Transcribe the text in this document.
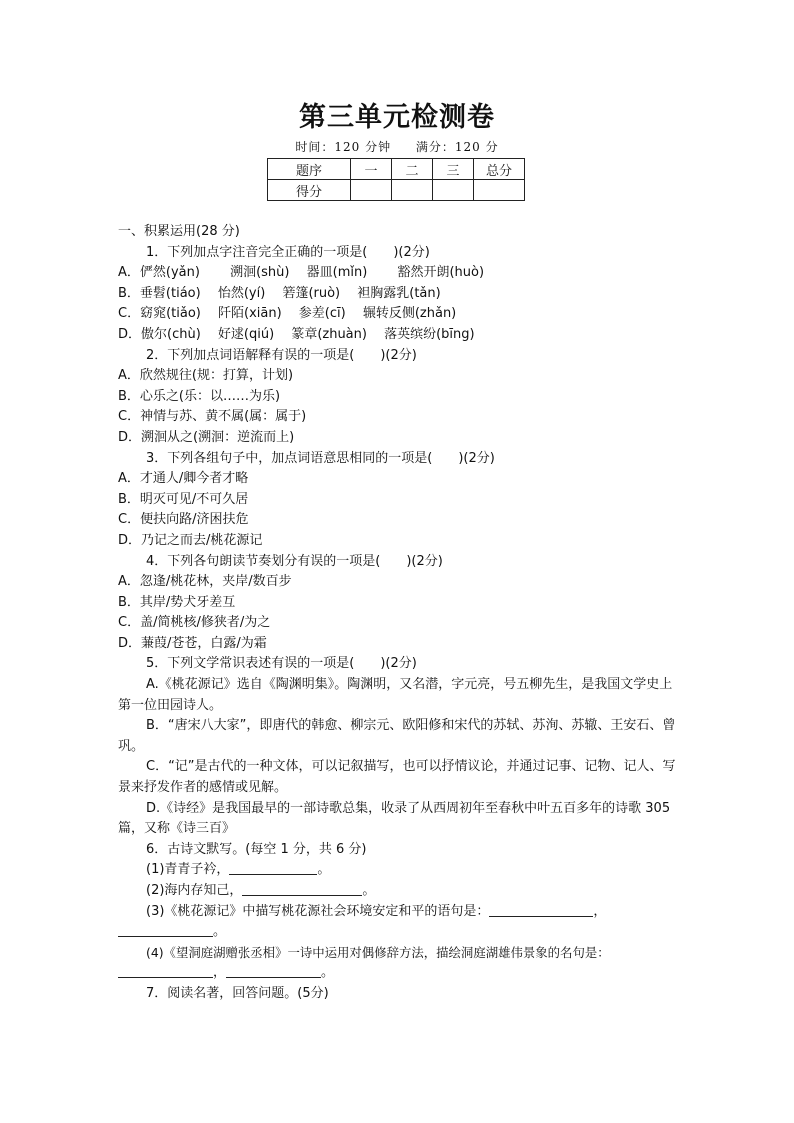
第三单元检测卷
时间：120 分钟 满分：120 分
题序	一	二	三	总分
得分				

一、积累运用(28 分)

1．下列加点字注音完全正确的一项是(　　)(2分)

A．俨然(yǎn)　　 溯洄(shù)　 器皿(mǐn)　　 豁然开朗(huò)

B．垂髫(tiáo)　 怡然(yí)　 箬篷(ruò)　 袒胸露乳(tǎn)

C．窈窕(tiǎo)　 阡陌(xiān)　 参差(cī)　 辗转反侧(zhǎn)

D．傲尔(chù)　 好逑(qiú)　 篆章(zhuàn)　 落英缤纷(bīng)

2．下列加点词语解释有误的一项是(　　)(2分)

A．欣然规往(规：打算，计划)

B．心乐之(乐：以……为乐)

C．神情与苏、黄不属(属：属于)

D．溯洄从之(溯洄：逆流而上)

3．下列各组句子中，加点词语意思相同的一项是(　　)(2分)

A．才通人/卿今者才略

B．明灭可见/不可久居

C．便扶向路/济困扶危

D．乃记之而去/桃花源记

4．下列各句朗读节奏划分有误的一项是(　　)(2分)

A．忽逢/桃花林，夹岸/数百步

B．其岸/势犬牙差互

C．盖/简桃核/修狭者/为之

D．蒹葭/苍苍，白露/为霜

5．下列文学常识表述有误的一项是(　　)(2分)

A.《桃花源记》选自《陶渊明集》。陶渊明，又名潜，字元亮，号五柳先生，是我国文学史上第一位田园诗人。

B．“唐宋八大家”，即唐代的韩愈、柳宗元、欧阳修和宋代的苏轼、苏洵、苏辙、王安石、曾巩。

C．“记”是古代的一种文体，可以记叙描写，也可以抒情议论，并通过记事、记物、记人、写景来抒发作者的感情或见解。

D.《诗经》是我国最早的一部诗歌总集，收录了从西周初年至春秋中叶五百多年的诗歌 305 篇，又称《诗三百》

6．古诗文默写。(每空 1 分，共 6 分)

(1)青青子衿，	。

(2)海内存知己，	。

(3)《桃花源记》中描写桃花源社会环境安定和平的语句是：	，

。

(4)《望洞庭湖赠张丞相》一诗中运用对偶修辞方法，描绘洞庭湖雄伟景象的名句是：

，	。

7．阅读名著，回答问题。(5分)
